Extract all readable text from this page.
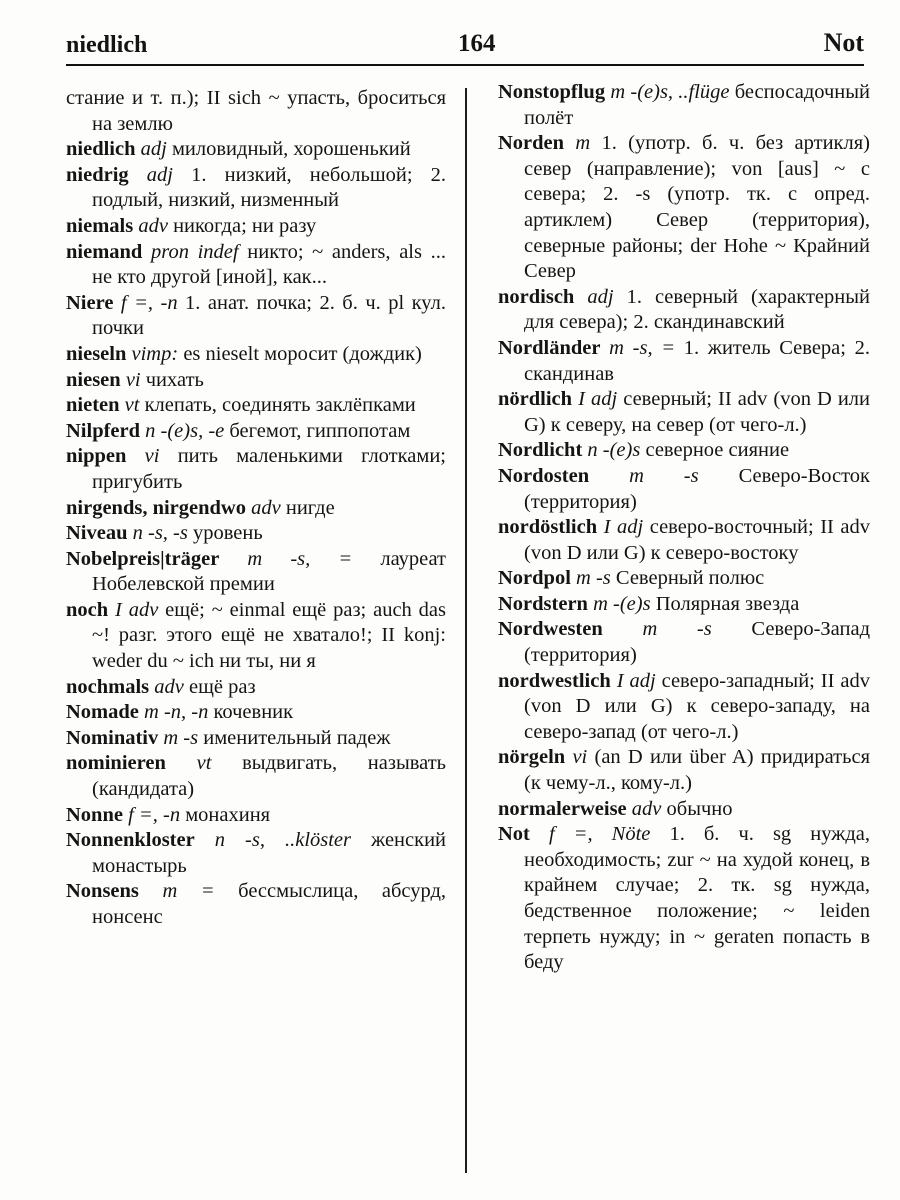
niedlich	164	Not

стание и т. п.); II sich ~ упасть, броситься на землю

niedlich adj миловидный, хорошенький

niedrig adj 1. низкий, небольшой; 2. подлый, низкий, низменный

niemals adv никогда; ни разу

niemand pron indef никто; ~ anders, als ... не кто другой [иной], как...

Niere f =, -n 1. анат. почка; 2. б. ч. pl кул. почки

nieseln vimp: es nieselt моросит (дождик)

niesen vi чихать

nieten vt клепать, соединять заклёпками

Nilpferd n -(e)s, -e бегемот, гиппопотам

nippen vi пить маленькими глотками; пригубить

nirgends, nirgendwo adv нигде

Niveau n -s, -s уровень

Nobelpreis|träger m -s, = лауреат Нобелевской премии

noch I adv ещё; ~ einmal ещё раз; auch das ~! разг. этого ещё не хватало!; II konj: weder du ~ ich ни ты, ни я

nochmals adv ещё раз

Nomade m -n, -n кочевник

Nominativ m -s именительный падеж

nominieren vt выдвигать, называть (кандидата)

Nonne f =, -n монахиня

Nonnenkloster n -s, ..klöster женский монастырь

Nonsens m = бессмыслица, абсурд, нонсенс

Nonstopflug m -(e)s, ..flüge беспосадочный полёт

Norden m 1. (употр. б. ч. без артикля) север (направление); von [aus] ~ с севера; 2. -s (употр. тк. с опред. артиклем) Север (территория), северные районы; der Hohe ~ Крайний Север

nordisch adj 1. северный (характерный для севера); 2. скандинавский

Nordländer m -s, = 1. житель Севера; 2. скандинав

nördlich I adj северный; II adv (von D или G) к северу, на север (от чего-л.)

Nordlicht n -(e)s северное сияние

Nordosten m -s Северо-Восток (территория)

nordöstlich I adj северо-восточный; II adv (von D или G) к северо-востоку

Nordpol m -s Северный полюс

Nordstern m -(e)s Полярная звезда

Nordwesten m -s Северо-Запад (территория)

nordwestlich I adj северо-западный; II adv (von D или G) к северо-западу, на северо-запад (от чего-л.)

nörgeln vi (an D или über A) придираться (к чему-л., кому-л.)

normalerweise adv обычно

Not f =, Nöte 1. б. ч. sg нужда, необходимость; zur ~ на худой конец, в крайнем случае; 2. тк. sg нужда, бедственное положение; ~ leiden терпеть нужду; in ~ geraten попасть в беду
